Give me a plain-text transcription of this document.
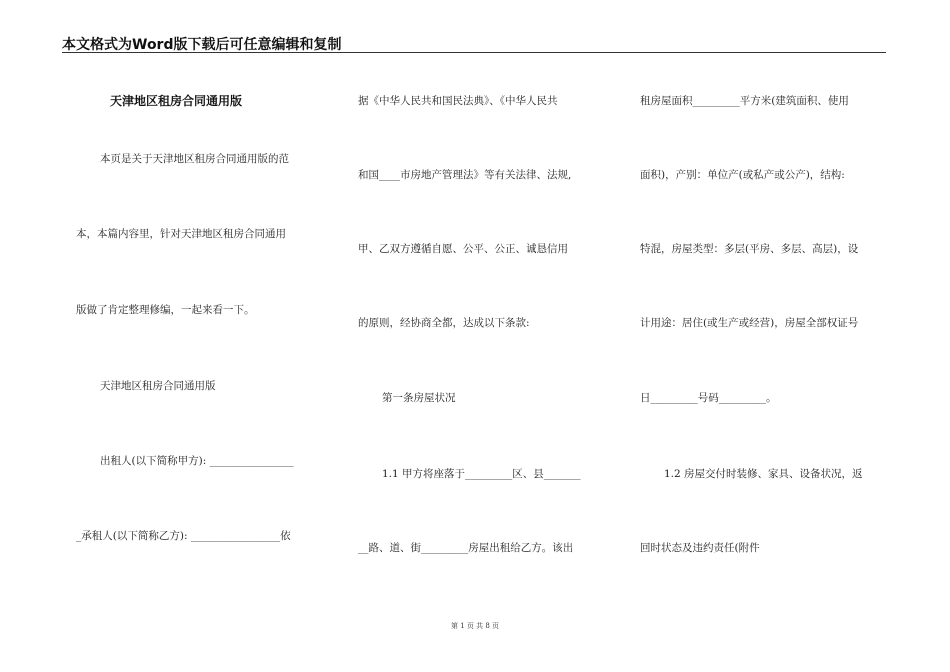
本文格式为Word版下载后可任意编辑和复制
天津地区租房合同通用版
本页是关于天津地区租房合同通用版的范
本，本篇内容里，针对天津地区租房合同通用
版做了肯定整理修编，一起来看一下。
天津地区租房合同通用版
出租人(以下简称甲方): ________________
_承租人(以下简称乙方): _________________依
据《中华人民共和国民法典》、《中华人民共
和国____市房地产管理法》等有关法律、法规,
甲、乙双方遵循自愿、公平、公正、诚恳信用
的原则，经协商全都，达成以下条款:
第一条房屋状况
1.1 甲方将座落于_________区、县_______
__路、道、街_________房屋出租给乙方。该出
租房屋面积_________平方米(建筑面积、使用
面积)，产别：单位产(或私产或公产)，结构:
特混，房屋类型：多层(平房、多层、高层)，设
计用途：居住(或生产或经营)，房屋全部权证号
日_________号码_________。
1.2 房屋交付时装修、家具、设备状况，返
回时状态及违约责任(附件
第 1 页 共 8 页
